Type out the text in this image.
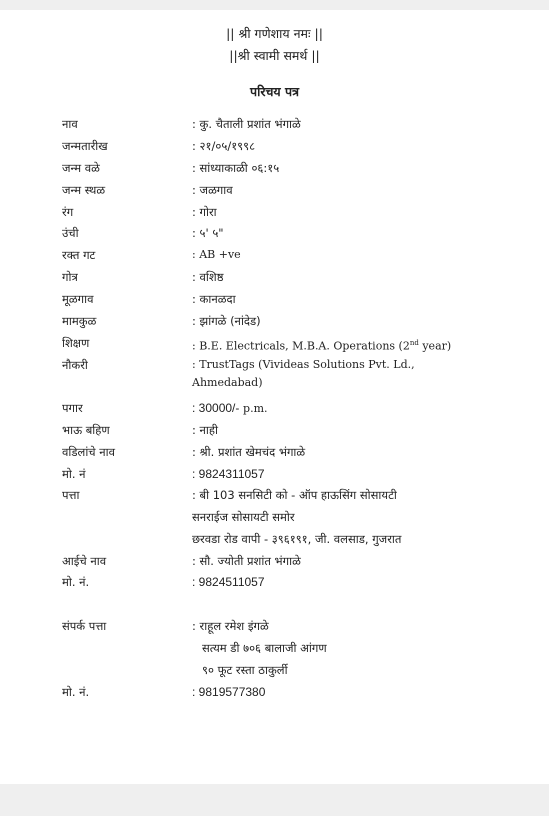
|| श्री गणेशाय नमः ||
||श्री स्वामी समर्थ ||
परिचय पत्र
नाव	: कु. चैताली प्रशांत भंगाळे
जन्मतारीख	: २१/०५/१९९८
जन्म वळे	: सांध्याकाळी ०६:१५
जन्म स्थळ	: जळगाव
रंग	: गोरा
उंची	: ५' ५"
रक्त गट	: AB +ve
गोत्र	: वशिष्ठ
मूळगाव	: कानळदा
मामकुळ	: झांगळे (नांदेड)
शिक्षण	: B.E. Electricals, M.B.A. Operations (2nd year)
नौकरी	: TrustTags (Vivideas Solutions Pvt. Ld.,
Ahmedabad)
पगार	: 30000/- p.m.
भाऊ बहिण	: नाही
वडिलांचे नाव	: श्री. प्रशांत खेमचंद भंगाळे
मो. नं	: 9824311057
पत्ता	: बी 103 सनसिटी को - ऑप हाऊसिंग सोसायटी
सनराईज सोसायटी समोर
छरवडा रोड वापी - ३९६१९१, जी. वलसाड, गुजरात
आईचे नाव	: सौ. ज्योती प्रशांत भंगाळे
मो. नं.	: 9824511057
संपर्क पत्ता	: राहूल रमेश इंगळे
सत्यम डी ७०६ बालाजी आंगण
९० फूट रस्ता ठाकुर्ली
मो. नं.	: 9819577380
